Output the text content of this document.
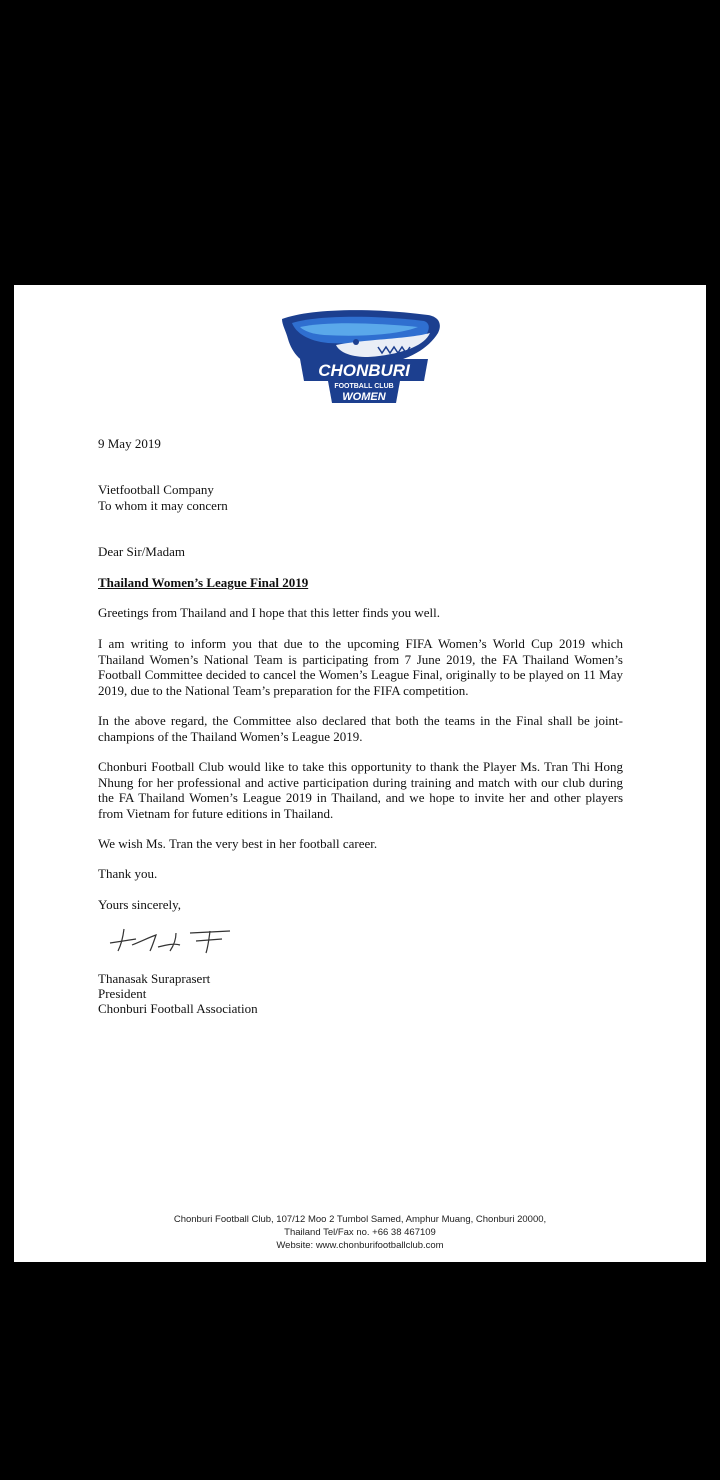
CHONBURI
FOOTBALL CLUB
WOMEN

9 May 2019

Vietfootball Company

To whom it may concern

Dear Sir/Madam

Thailand Women’s League Final 2019

Greetings from Thailand and I hope that this letter finds you well.

I am writing to inform you that due to the upcoming FIFA Women’s World Cup 2019 which Thailand Women’s National Team is participating from 7 June 2019, the FA Thailand Women’s Football Committee decided to cancel the Women’s League Final, originally to be played on 11 May 2019, due to the National Team’s preparation for the FIFA competition.

In the above regard, the Committee also declared that both the teams in the Final shall be joint-champions of the Thailand Women’s League 2019.

Chonburi Football Club would like to take this opportunity to thank the Player Ms. Tran Thi Hong Nhung for her professional and active participation during training and match with our club during the FA Thailand Women’s League 2019 in Thailand, and we hope to invite her and other players from Vietnam for future editions in Thailand.

We wish Ms. Tran the very best in her football career.

Thank you.

Yours sincerely,

Thanasak Suraprasert

President

Chonburi Football Association

Chonburi Football Club, 107/12 Moo 2 Tumbol Samed, Amphur Muang, Chonburi 20000,
Thailand Tel/Fax no. +66 38 467109
Website: www.chonburifootballclub.com
